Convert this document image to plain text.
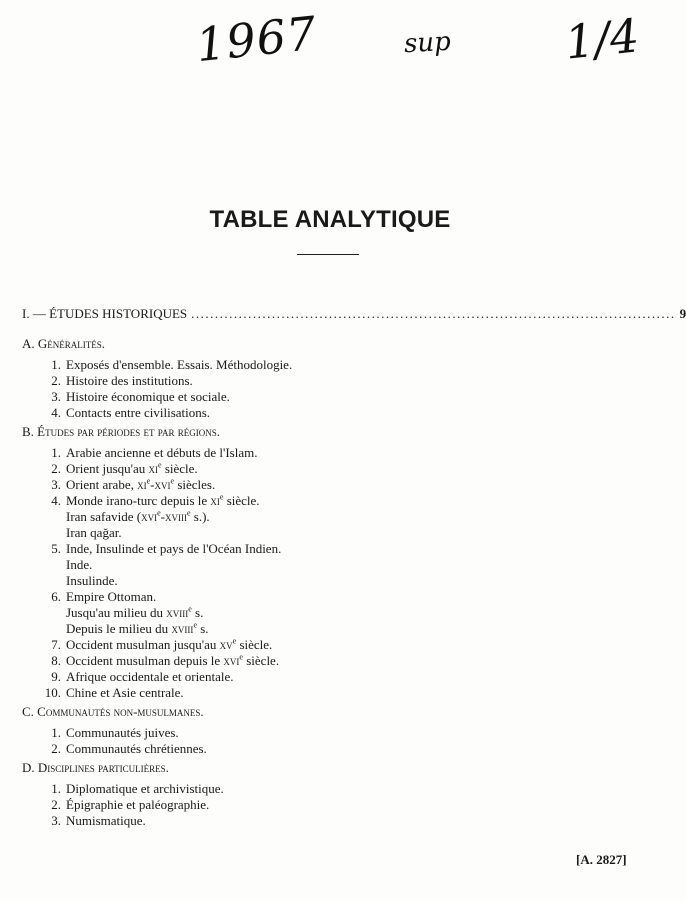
1967	sup 1/4
TABLE ANALYTIQUE
I. — ÉTUDES HISTORIQUES ...................................................................................................... 9
A. Généralités.
1. Exposés d'ensemble. Essais. Méthodologie.
2. Histoire des institutions.
3. Histoire économique et sociale.
4. Contacts entre civilisations.
B. Études par périodes et par régions.
1. Arabie ancienne et débuts de l'Islam.
2. Orient jusqu'au $xi^e$ siècle.
3. Orient arabe, $xi^e-xvi^e$ siècles.
4. Monde irano-turc depuis le $xi^e$ siècle.
Iran safavide (xvi$^e$-xviii$^e$ s.).
Iran qağar.
5. Inde, Insulinde et pays de l'Océan Indien.
Inde.
Insulinde.
6. Empire Ottoman.
Jusqu'au milieu du xviii$^e$ s.
Depuis le milieu du xviii$^e$ s.
7. Occident musulman jusqu'au $xv^e$ siècle.
8. Occident musulman depuis le xvi$^e$ siècle.
9. Afrique occidentale et orientale.
10. Chine et Asie centrale.
C. Communautés non-musulmanes.
1. Communautés juives.
2. Communautés chrétiennes.
D. Disciplines particulières.
1. Diplomatique et archivistique.
2. Épigraphie et paléographie.
3. Numismatique.
[A. 2827]
